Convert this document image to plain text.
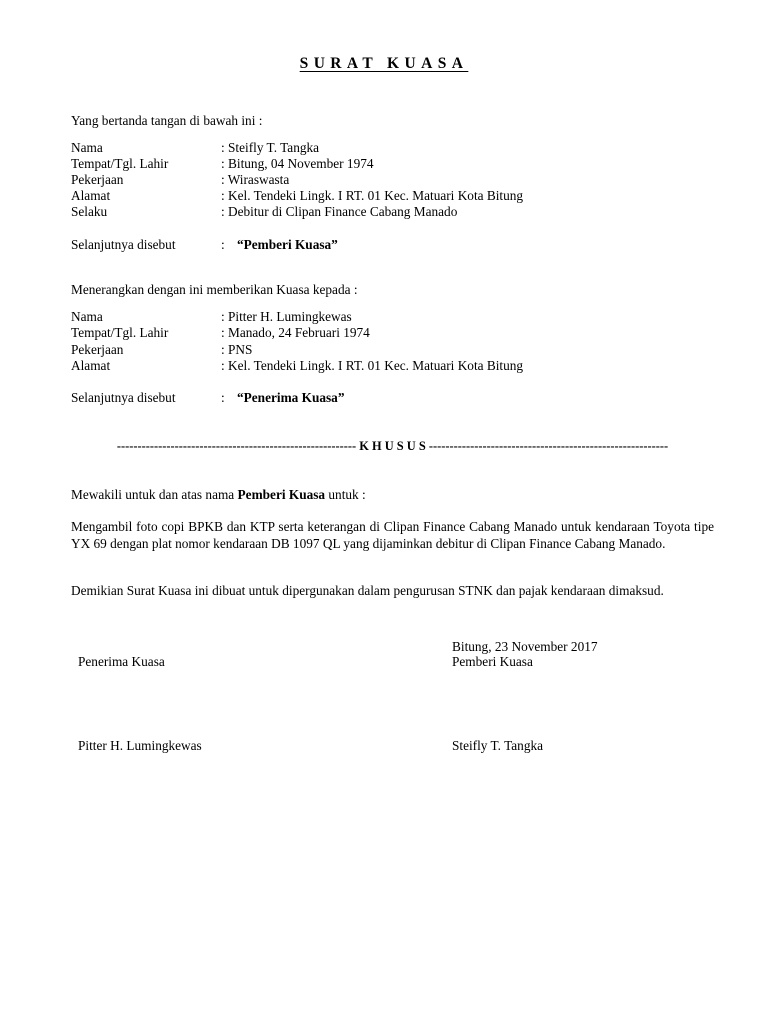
SURAT KUASA
Yang bertanda tangan di bawah ini :
Nama	: Steifly T. Tangka
Tempat/Tgl. Lahir	: Bitung, 04 November 1974
Pekerjaan	: Wiraswasta
Alamat	: Kel. Tendeki Lingk. I RT. 01 Kec. Matuari Kota Bitung
Selaku	: Debitur di Clipan Finance Cabang Manado
Selanjutnya disebut	: “Pemberi Kuasa”
Menerangkan dengan ini memberikan Kuasa kepada :
Nama	: Pitter H. Lumingkewas
Tempat/Tgl. Lahir	: Manado, 24 Februari 1974
Pekerjaan	: PNS
Alamat	: Kel. Tendeki Lingk. I RT. 01 Kec. Matuari Kota Bitung
Selanjutnya disebut	: “Penerima Kuasa”
---------------------------------------------------------- K H U S U S ----------------------------------------------------------
Mewakili untuk dan atas nama Pemberi Kuasa untuk :
Mengambil foto copi BPKB dan KTP serta keterangan di Clipan Finance Cabang Manado untuk kendaraan Toyota tipe YX 69 dengan plat nomor kendaraan DB 1097 QL yang dijaminkan debitur di Clipan Finance Cabang Manado.
Demikian Surat Kuasa ini dibuat untuk dipergunakan dalam pengurusan STNK dan pajak kendaraan dimaksud.
Bitung, 23 November 2017
Penerima Kuasa	Pemberi Kuasa
Pitter H. Lumingkewas	Steifly T. Tangka
